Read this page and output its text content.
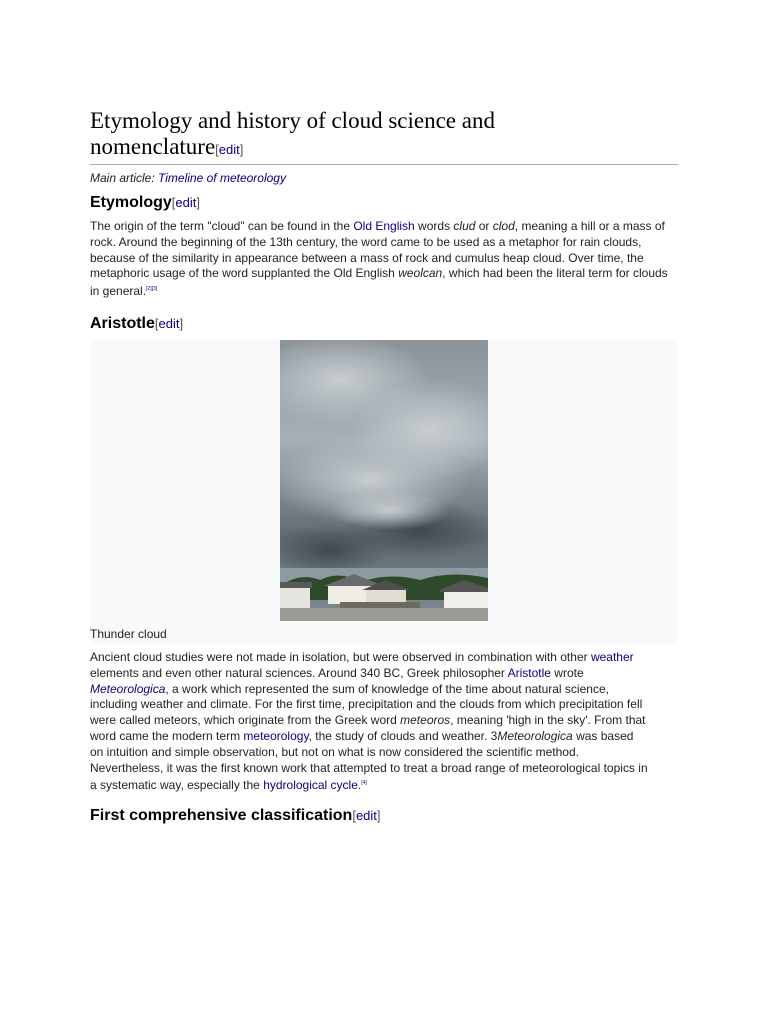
Etymology and history of cloud science and
nomenclature[edit]
Main article: Timeline of meteorology
Etymology[edit]

The origin of the term "cloud" can be found in the Old English words clud or clod, meaning a hill or a mass of rock. Around the beginning of the 13th century, the word came to be used as a metaphor for rain clouds, because of the similarity in appearance between a mass of rock and cumulus heap cloud. Over time, the metaphoric usage of the word supplanted the Old English weolcan, which had been the literal term for clouds in general.[2][3]

Aristotle[edit]
Thunder cloud

Ancient cloud studies were not made in isolation, but were observed in combination with other weather elements and even other natural sciences. Around 340 BC, Greek philosopher Aristotle wrote Meteorologica, a work which represented the sum of knowledge of the time about natural science, including weather and climate. For the first time, precipitation and the clouds from which precipitation fell were called meteors, which originate from the Greek word meteoros, meaning 'high in the sky'. From that word came the modern term meteorology, the study of clouds and weather. 3Meteorologica was based on intuition and simple observation, but not on what is now considered the scientific method. Nevertheless, it was the first known work that attempted to treat a broad range of meteorological topics in a systematic way, especially the hydrological cycle.[4]

First comprehensive classification[edit]
